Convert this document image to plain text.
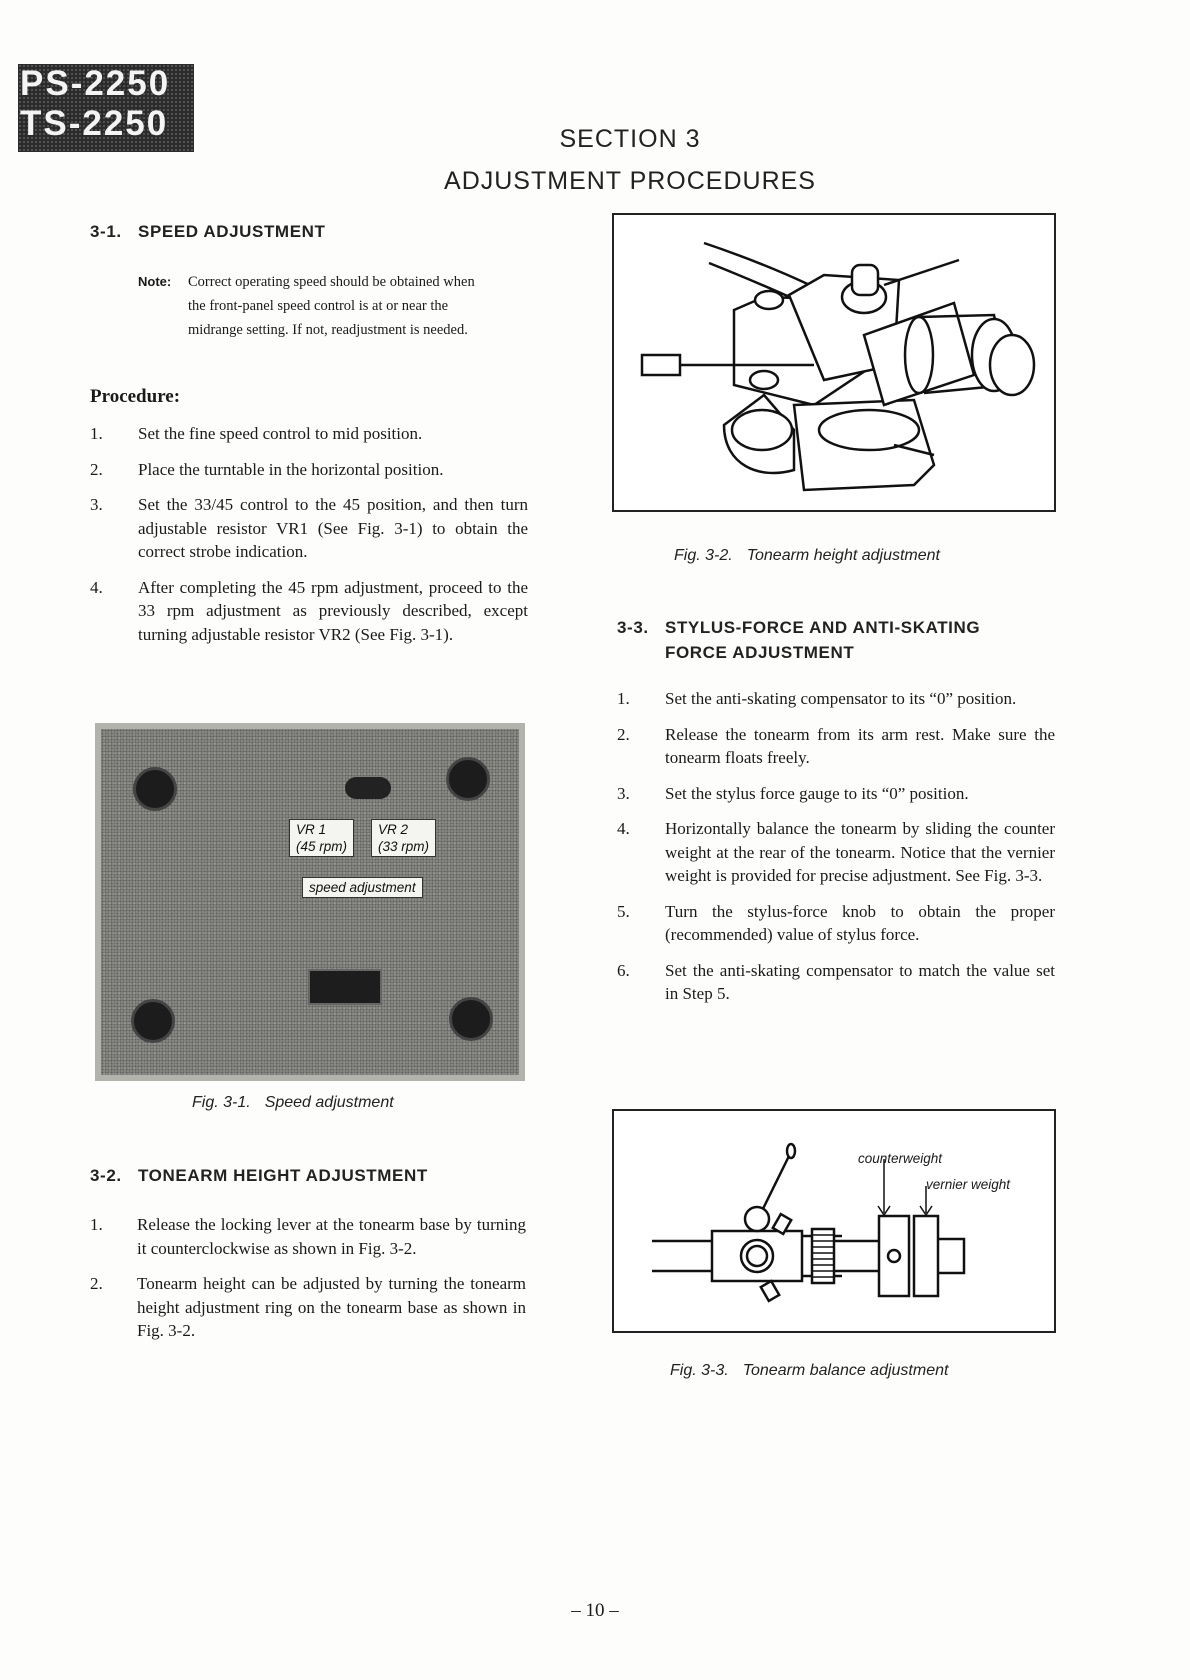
PS-2250
TS-2250	SECTION 3
ADJUSTMENT PROCEDURES
3-1. SPEED ADJUSTMENT
Note:	Correct operating speed should be obtained when the front-panel speed control is at or near the midrange setting. If not, readjustment is needed.
Procedure:
1. Set the fine speed control to mid position.
2. Place the turntable in the horizontal position.
3. Set the 33/45 control to the 45 position, and then turn adjustable resistor VR1 (See Fig. 3-1) to obtain the correct strobe indication.
4. After completing the 45 rpm adjustment, proceed to the 33 rpm adjustment as previously described, except turning adjustable resistor VR2 (See Fig. 3-1).
VR 1
(45 rpm)
VR 2
(33 rpm)
speed adjustment
Fig. 3-1. Speed adjustment
3-2. TONEARM HEIGHT ADJUSTMENT
1. Release the locking lever at the tonearm base by turning it counterclockwise as shown in Fig. 3-2.
2. Tonearm height can be adjusted by turning the tonearm height adjustment ring on the tonearm base as shown in Fig. 3-2.
Fig. 3-2. Tonearm height adjustment
3-3. STYLUS-FORCE AND ANTI-SKATING
FORCE ADJUSTMENT
1. Set the anti-skating compensator to its “0” position.
2. Release the tonearm from its arm rest. Make sure the tonearm floats freely.
3. Set the stylus force gauge to its “0” position.
4. Horizontally balance the tonearm by sliding the counter weight at the rear of the tonearm. Notice that the vernier weight is provided for precise adjustment. See Fig. 3-3.
5. Turn the stylus-force knob to obtain the proper (recommended) value of stylus force.
6. Set the anti-skating compensator to match the value set in Step 5.
counterweight
vernier weight
Fig. 3-3. Tonearm balance adjustment
– 10 –
